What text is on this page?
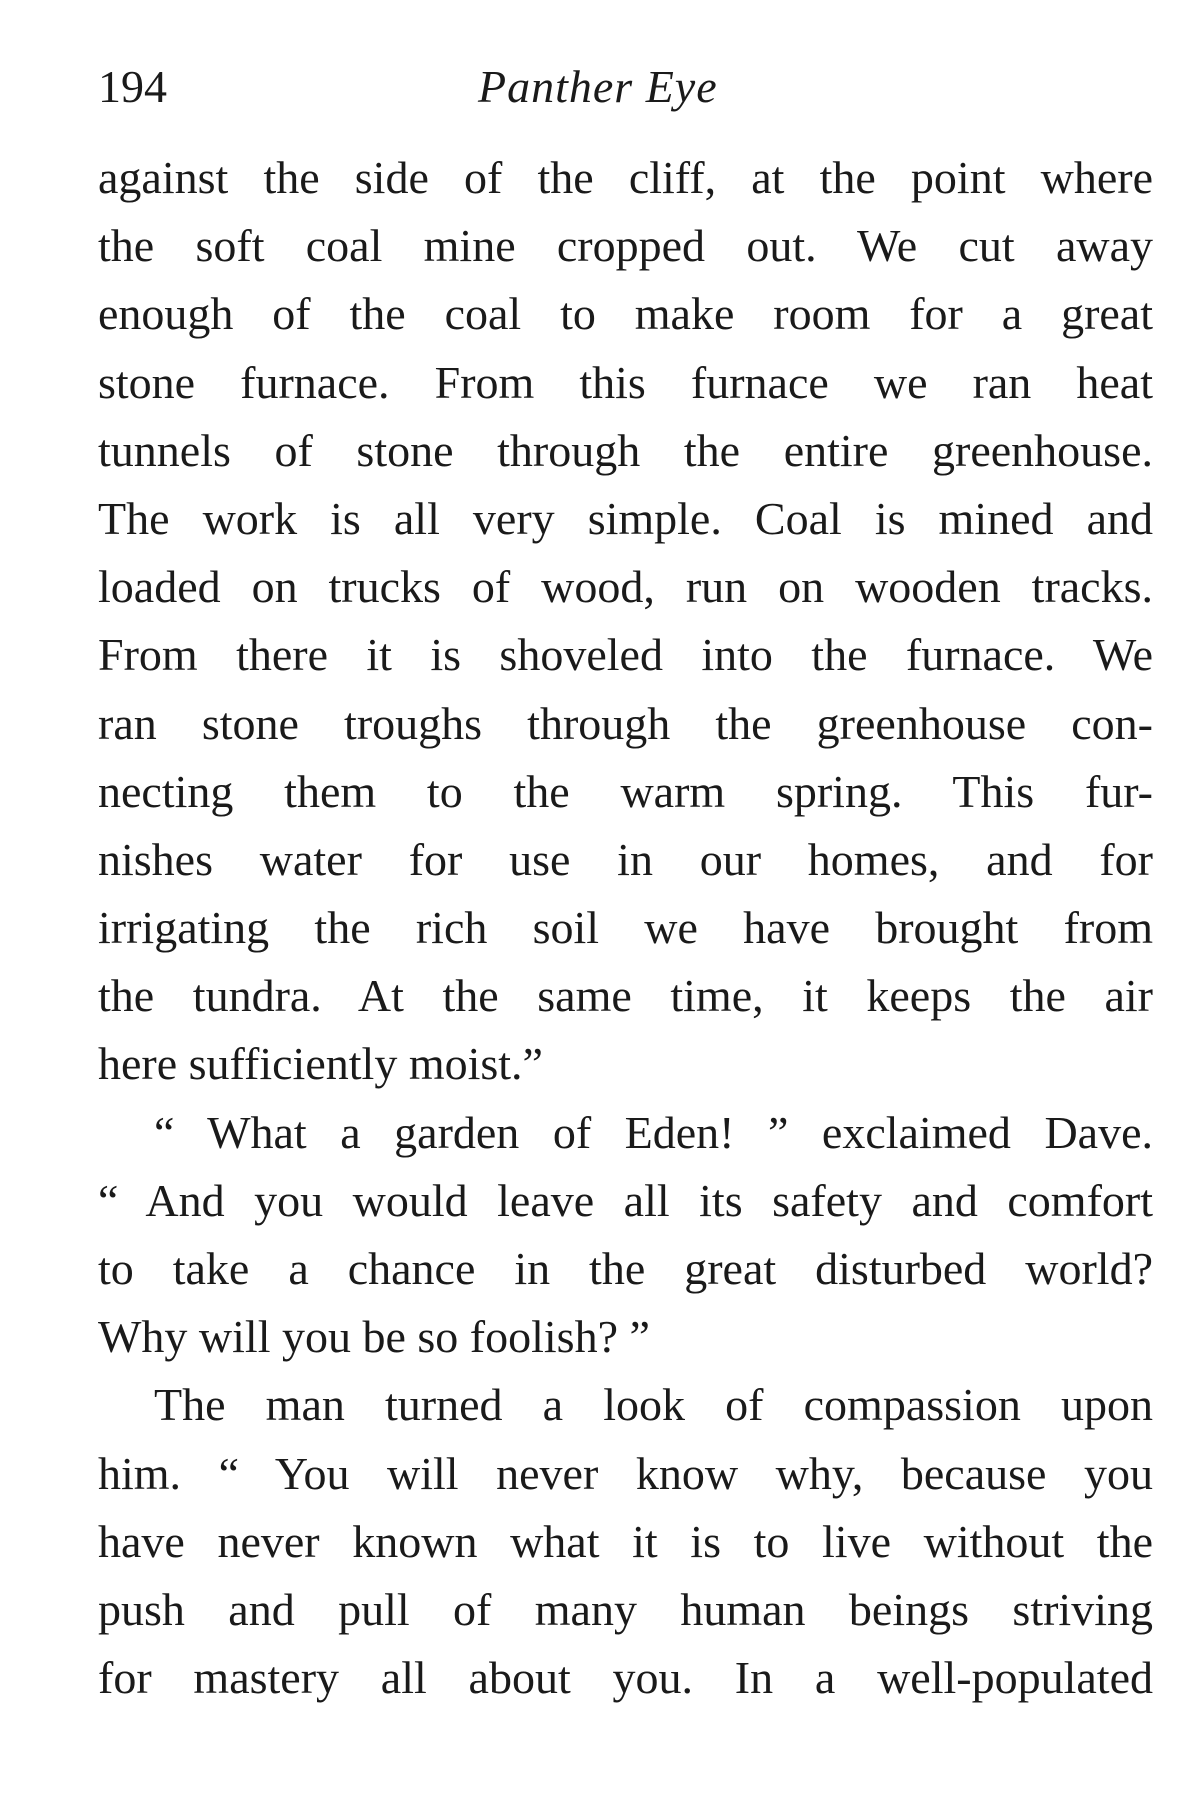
194	Panther Eye
against the side of the cliff, at the point where
the soft coal mine cropped out. We cut away
enough of the coal to make room for a great
stone furnace. From this furnace we ran heat
tunnels of stone through the entire greenhouse.
The work is all very simple. Coal is mined and
loaded on trucks of wood, run on wooden tracks.
From there it is shoveled into the furnace. We
ran stone troughs through the greenhouse con-
necting them to the warm spring. This fur-
nishes water for use in our homes, and for
irrigating the rich soil we have brought from
the tundra. At the same time, it keeps the air
here sufficiently moist.”
“ What a garden of Eden! ” exclaimed Dave.
“ And you would leave all its safety and comfort
to take a chance in the great disturbed world?
Why will you be so foolish? ”
The man turned a look of compassion upon
him. “ You will never know why, because you
have never known what it is to live without the
push and pull of many human beings striving
for mastery all about you. In a well-populated
